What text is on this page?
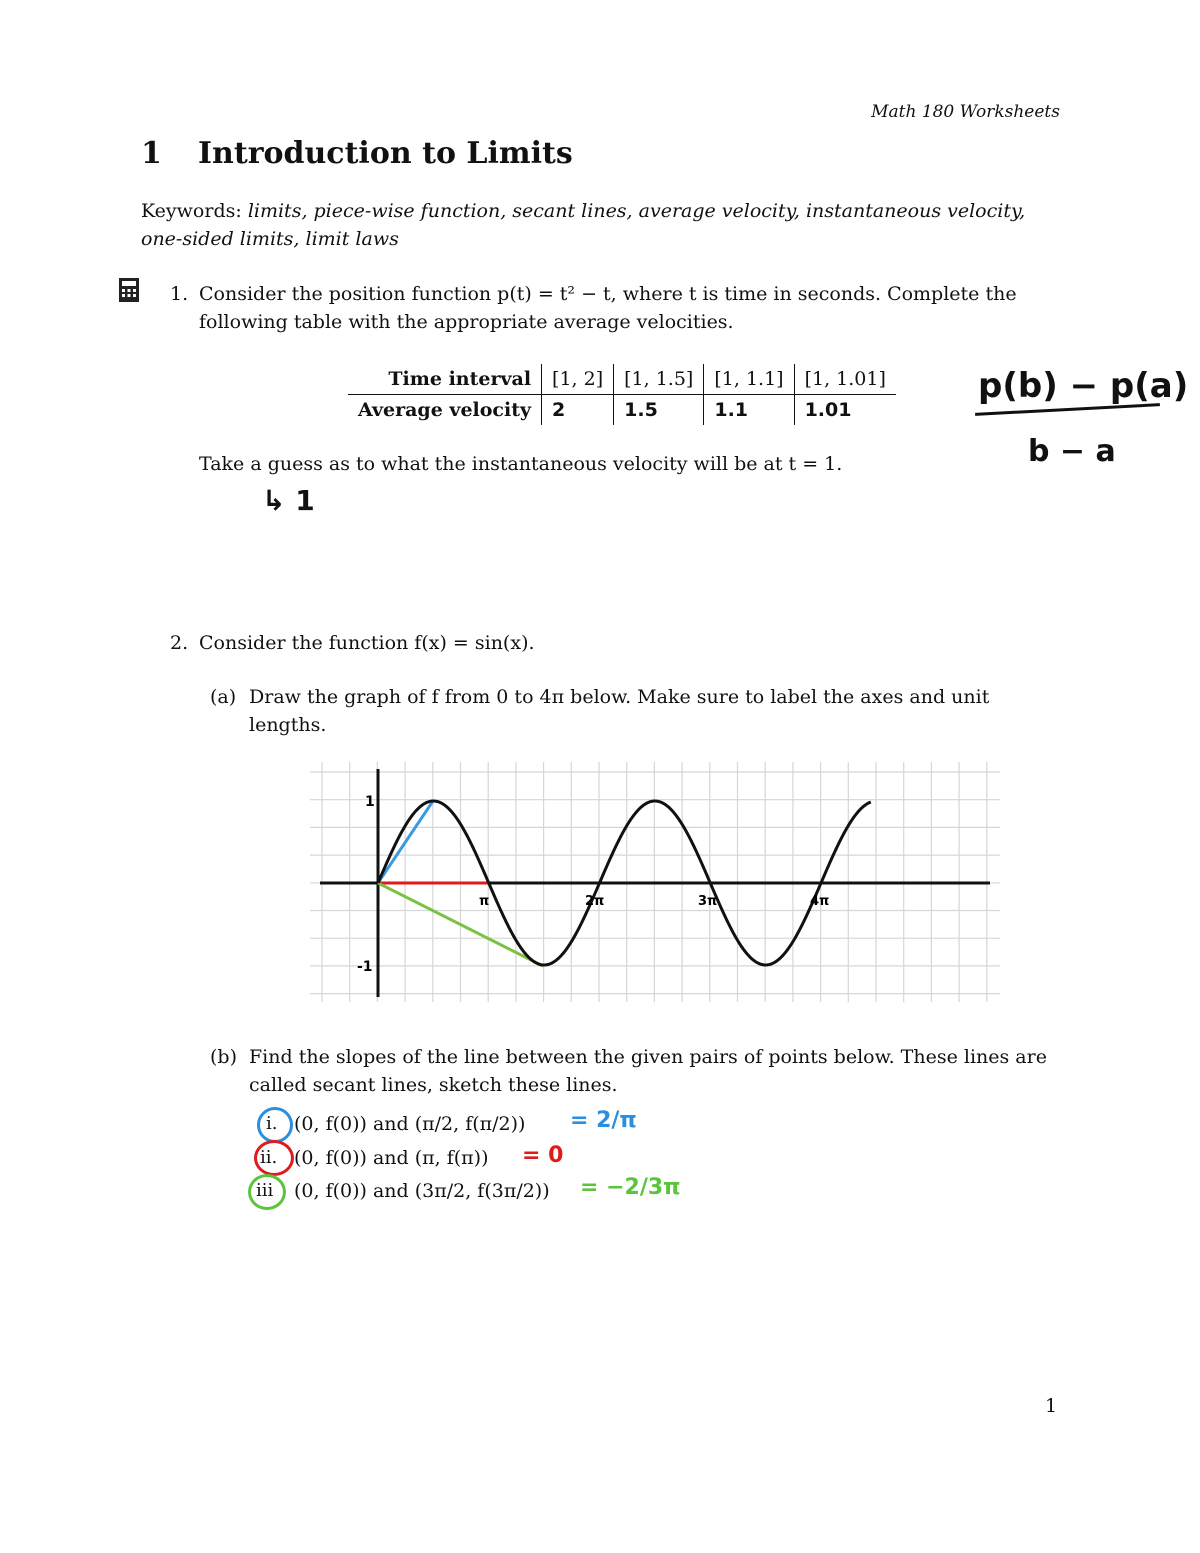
Math 180 Worksheets
1 Introduction to Limits
Keywords: limits, piece-wise function, secant lines, average velocity, instantaneous velocity, one-sided limits, limit laws
1. Consider the position function p(t) = t² − t, where t is time in seconds. Complete the following table with the appropriate average velocities.
Time interval	[1, 2]	[1, 1.5]	[1, 1.1]	[1, 1.01]
Average velocity	2	1.5	1.1	1.01
p(b) − p(a)
b − a
Take a guess as to what the instantaneous velocity will be at t = 1.
↳ 1
2. Consider the function f(x) = sin(x).
(a) Draw the graph of f from 0 to 4π below. Make sure to label the axes and unit lengths.
1
-1
π	2π	3π	4π
(b) Find the slopes of the line between the given pairs of points below. These lines are called secant lines, sketch these lines.
i. (0, f(0)) and (π/2, f(π/2)) = 2/π
ii. (0, f(0)) and (π, f(π)) = 0
iii (0, f(0)) and (3π/2, f(3π/2)) = −2/3π
1
